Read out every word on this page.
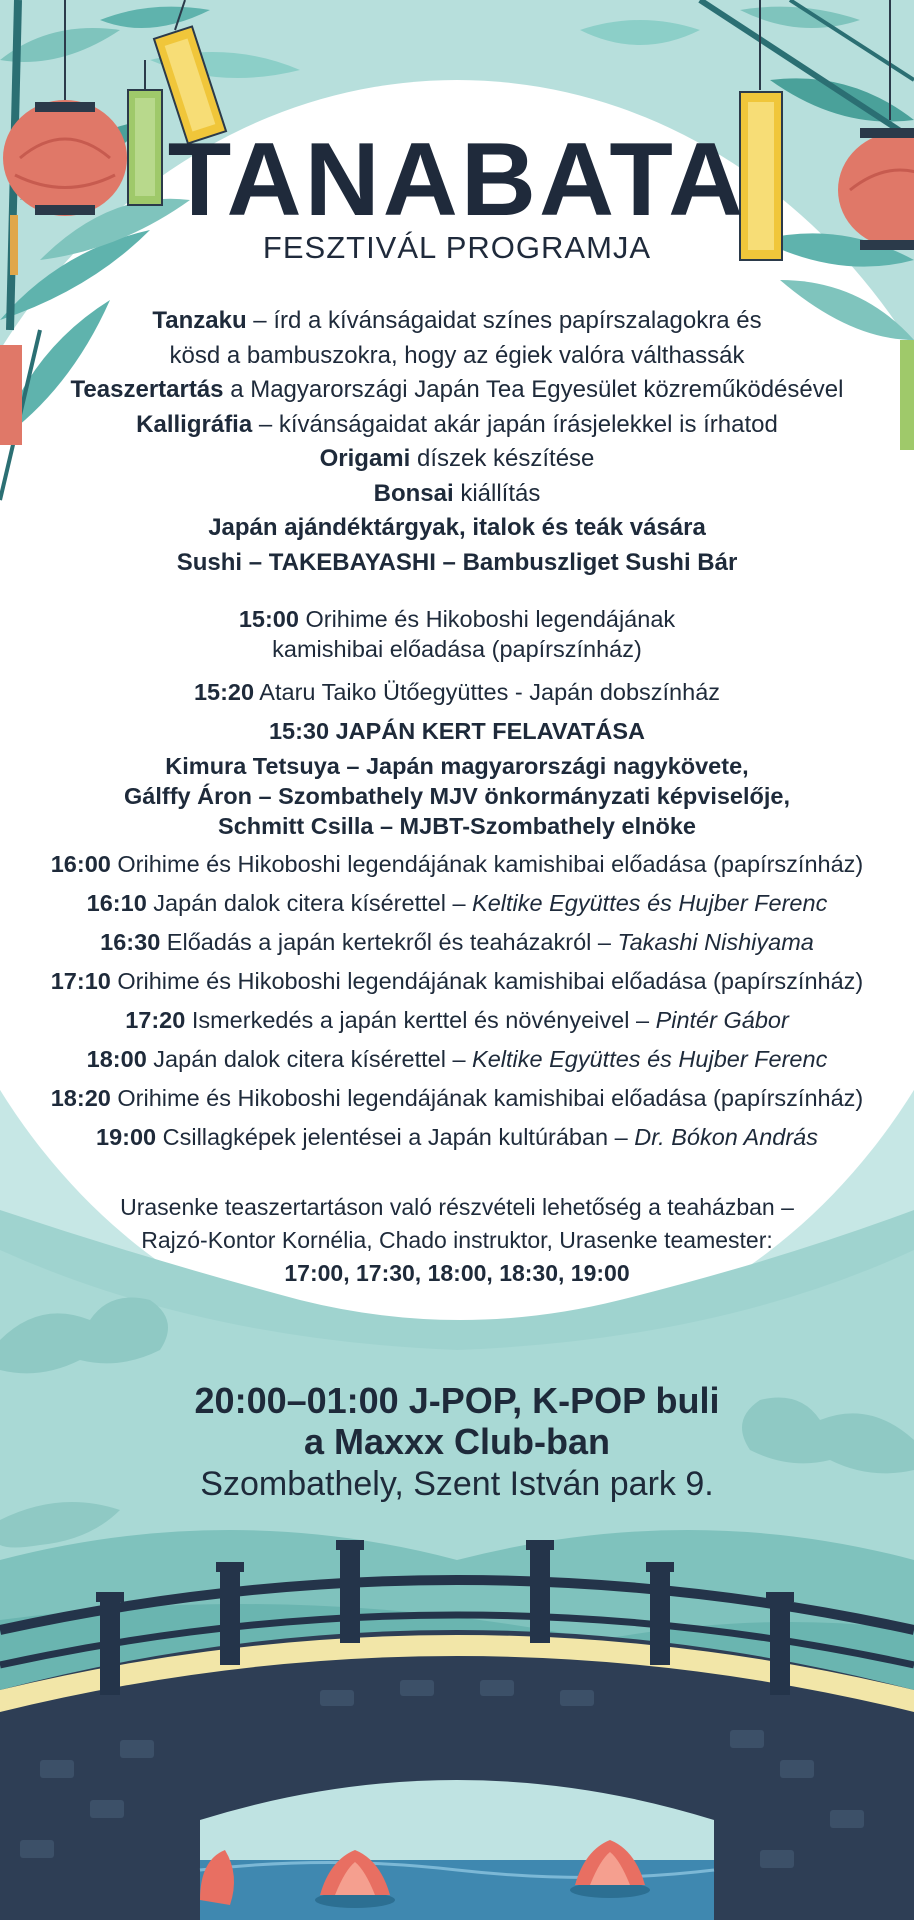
TANABATA
FESZTIVÁL PROGRAMJA
Tanzaku – írd a kívánságaidat színes papírszalagokra és
kösd a bambuszokra, hogy az égiek valóra válthassák
Teaszertartás a Magyarországi Japán Tea Egyesület közreműködésével
Kalligráfia – kívánságaidat akár japán írásjelekkel is írhatod
Origami díszek készítése
Bonsai kiállítás
Japán ajándéktárgyak, italok és teák vására
Sushi – TAKEBAYASHI – Bambuszliget Sushi Bár
15:00 Orihime és Hikoboshi legendájának
kamishibai előadása (papírszínház)
15:20 Ataru Taiko Ütőegyüttes - Japán dobszínház
15:30 JAPÁN KERT FELAVATÁSA
Kimura Tetsuya – Japán magyarországi nagykövete,
Gálffy Áron – Szombathely MJV önkormányzati képviselője,
Schmitt Csilla – MJBT-Szombathely elnöke
16:00 Orihime és Hikoboshi legendájának kamishibai előadása (papírszínház)
16:10 Japán dalok citera kísérettel – Keltike Együttes és Hujber Ferenc
16:30 Előadás a japán kertekről és teaházakról – Takashi Nishiyama
17:10 Orihime és Hikoboshi legendájának kamishibai előadása (papírszínház)
17:20 Ismerkedés a japán kerttel és növényeivel – Pintér Gábor
18:00 Japán dalok citera kísérettel – Keltike Együttes és Hujber Ferenc
18:20 Orihime és Hikoboshi legendájának kamishibai előadása (papírszínház)
19:00 Csillagképek jelentései a Japán kultúrában – Dr. Bókon András
Urasenke teaszertartáson való részvételi lehetőség a teaházban –
Rajzó-Kontor Kornélia, Chado instruktor, Urasenke teamester:
17:00, 17:30, 18:00, 18:30, 19:00
20:00–01:00 J-POP, K-POP buli
a Maxxx Club-ban
Szombathely, Szent István park 9.
